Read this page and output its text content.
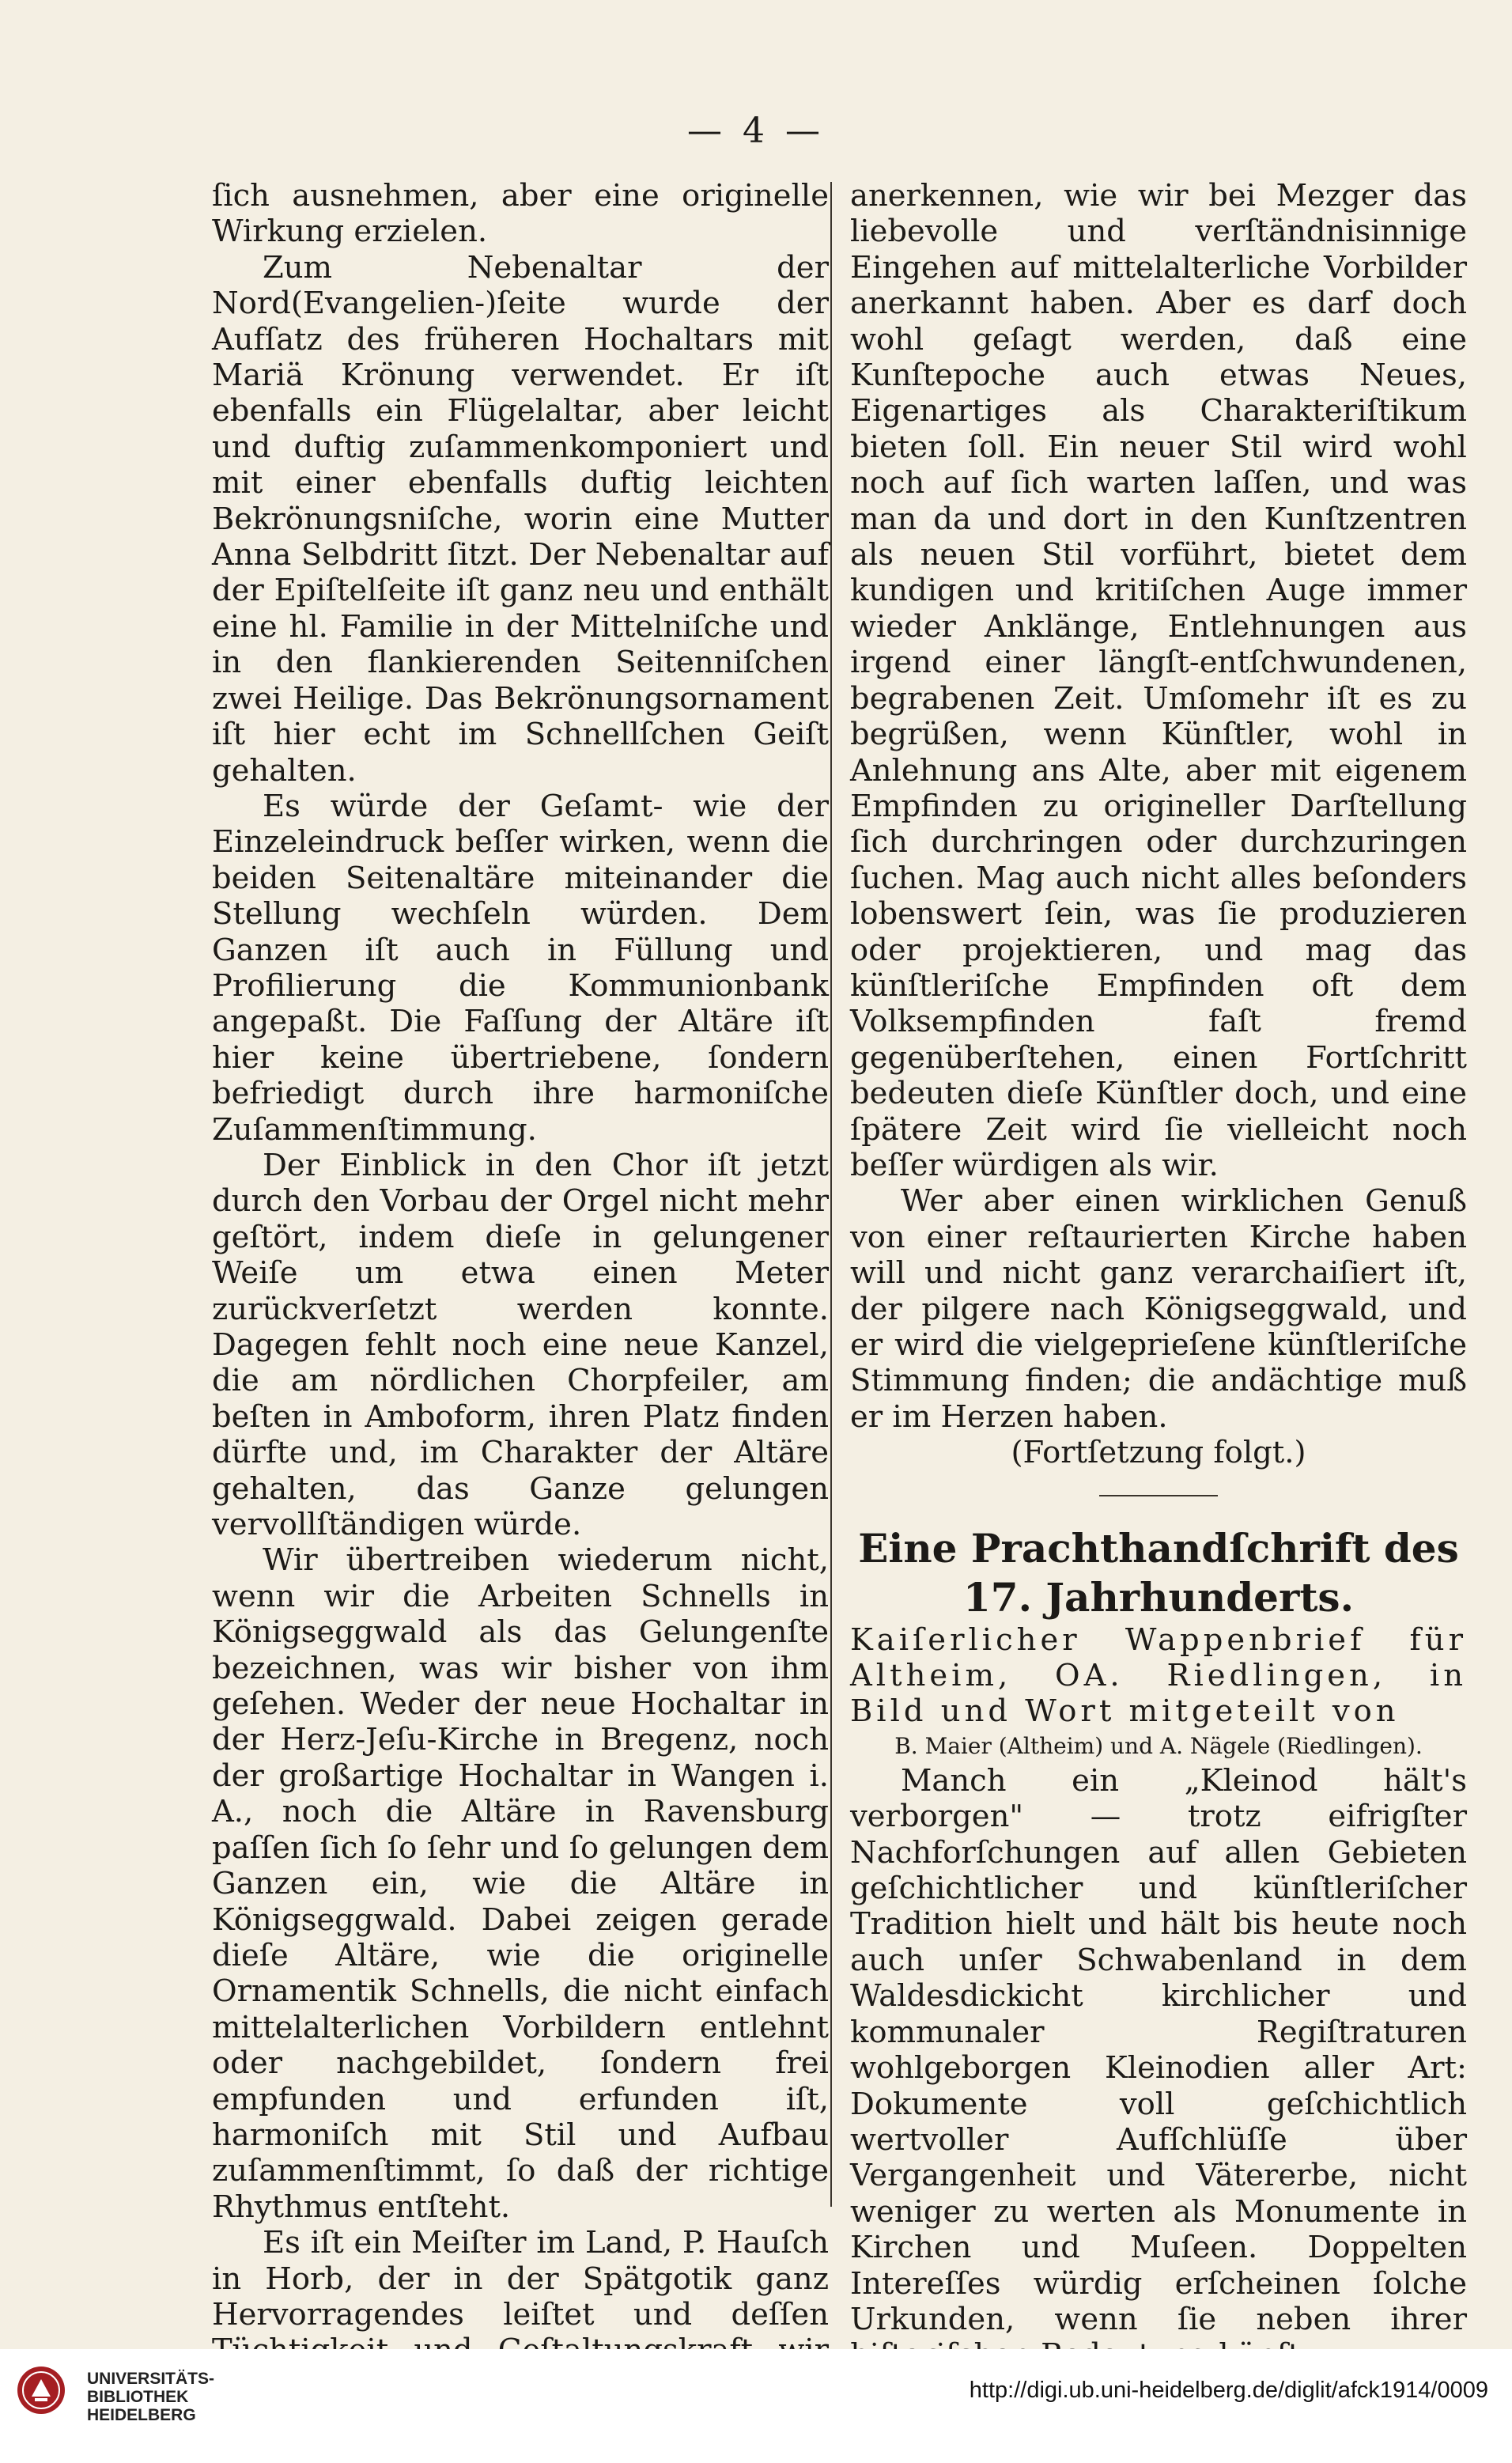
— 4 —

ſich ausnehmen, aber eine originelle Wirkung erzielen.

Zum Nebenaltar der Nord(Evangelien-)ſeite wurde der Aufſatz des früheren Hochaltars mit Mariä Krönung verwendet. Er iſt ebenfalls ein Flügelaltar, aber leicht und duftig zuſammenkomponiert und mit einer ebenfalls duftig leichten Bekrönungsniſche, worin eine Mutter Anna Selbdritt ſitzt. Der Nebenaltar auf der Epiſtelſeite iſt ganz neu und enthält eine hl. Familie in der Mittelniſche und in den flankierenden Seitenniſchen zwei Heilige. Das Bekrönungsornament iſt hier echt im Schnellſchen Geiſt gehalten.

Es würde der Geſamt- wie der Einzeleindruck beſſer wirken, wenn die beiden Seitenaltäre miteinander die Stellung wechſeln würden. Dem Ganzen iſt auch in Füllung und Profilierung die Kommunionbank angepaßt. Die Faſſung der Altäre iſt hier keine übertriebene, ſondern befriedigt durch ihre harmoniſche Zuſammenſtimmung.

Der Einblick in den Chor iſt jetzt durch den Vorbau der Orgel nicht mehr geſtört, indem dieſe in gelungener Weiſe um etwa einen Meter zurückverſetzt werden konnte. Dagegen fehlt noch eine neue Kanzel, die am nördlichen Chorpfeiler, am beſten in Amboform, ihren Platz finden dürfte und, im Charakter der Altäre gehalten, das Ganze gelungen vervollſtändigen würde.

Wir übertreiben wiederum nicht, wenn wir die Arbeiten Schnells in Königseggwald als das Gelungenſte bezeichnen, was wir bisher von ihm geſehen. Weder der neue Hochaltar in der Herz-Jeſu-Kirche in Bregenz, noch der großartige Hochaltar in Wangen i. A., noch die Altäre in Ravensburg paſſen ſich ſo ſehr und ſo gelungen dem Ganzen ein, wie die Altäre in Königseggwald. Dabei zeigen gerade dieſe Altäre, wie die originelle Ornamentik Schnells, die nicht einfach mittelalterlichen Vorbildern entlehnt oder nachgebildet, ſondern frei empfunden und erfunden iſt, harmoniſch mit Stil und Aufbau zuſammenſtimmt, ſo daß der richtige Rhythmus entſteht.

Es iſt ein Meiſter im Land, P. Hauſch in Horb, der in der Spätgotik ganz Hervorragendes leiſtet und deſſen

anerkennen, wie wir bei Mezger das liebevolle und verſtändnisinnige Eingehen auf mittelalterliche Vorbilder anerkannt haben. Aber es darf doch wohl geſagt werden, daß eine Kunſtepoche auch etwas Neues, Eigenartiges als Charakteriſtikum bieten ſoll. Ein neuer Stil wird wohl noch auf ſich warten laſſen, und was man da und dort in den Kunſtzentren als neuen Stil vorführt, bietet dem kundigen und kritiſchen Auge immer wieder Anklänge, Entlehnungen aus irgend einer längſt-entſchwundenen, begrabenen Zeit. Umſomehr iſt es zu begrüßen, wenn Künſtler, wohl in Anlehnung ans Alte, aber mit eigenem Empfinden zu origineller Darſtellung ſich durchringen oder durchzuringen ſuchen. Mag auch nicht alles beſonders lobenswert ſein, was ſie produzieren oder projektieren, und mag das künſtleriſche Empfinden oft dem Volksempfinden faſt fremd gegenüberſtehen, einen Fortſchritt bedeuten dieſe Künſtler doch, und eine ſpätere Zeit wird ſie vielleicht noch beſſer würdigen als wir.

Wer aber einen wirklichen Genuß von einer reſtaurierten Kirche haben will und nicht ganz verarchaiſiert iſt, der pilgere nach Königseggwald, und er wird die vielgeprieſene künſtleriſche Stimmung finden; die andächtige muß er im Herzen haben.

(Fortſetzung folgt.)

Eine Prachthandſchrift des
17. Jahrhunderts.

Kaiſerlicher Wappenbrief für Altheim, OA. Riedlingen, in Bild und Wort mitgeteilt von

B. Maier (Altheim) und A. Nägele (Riedlingen).

Manch ein „Kleinod hält's verborgen" — trotz eifrigſter Nachforſchungen auf allen Gebieten geſchichtlicher und künſtleriſcher Tradition hielt und hält bis heute noch auch unſer Schwabenland in dem Waldesdickicht kirchlicher und kommunaler Regiſtraturen wohlgeborgen Kleinodien aller Art: Dokumente voll geſchichtlich wertvoller Aufſchlüſſe über Vergangenheit und Vätererbe, nicht weniger zu werten als Monumente in Kirchen und Muſeen. Doppelten Intereſſes würdig erſcheinen ſolche Urkunden, wenn ſie neben ihrer

UNIVERSITÄTS-
BIBLIOTHEK
HEIDELBERG
http://digi.ub.uni-heidelberg.de/diglit/afck1914/0009
